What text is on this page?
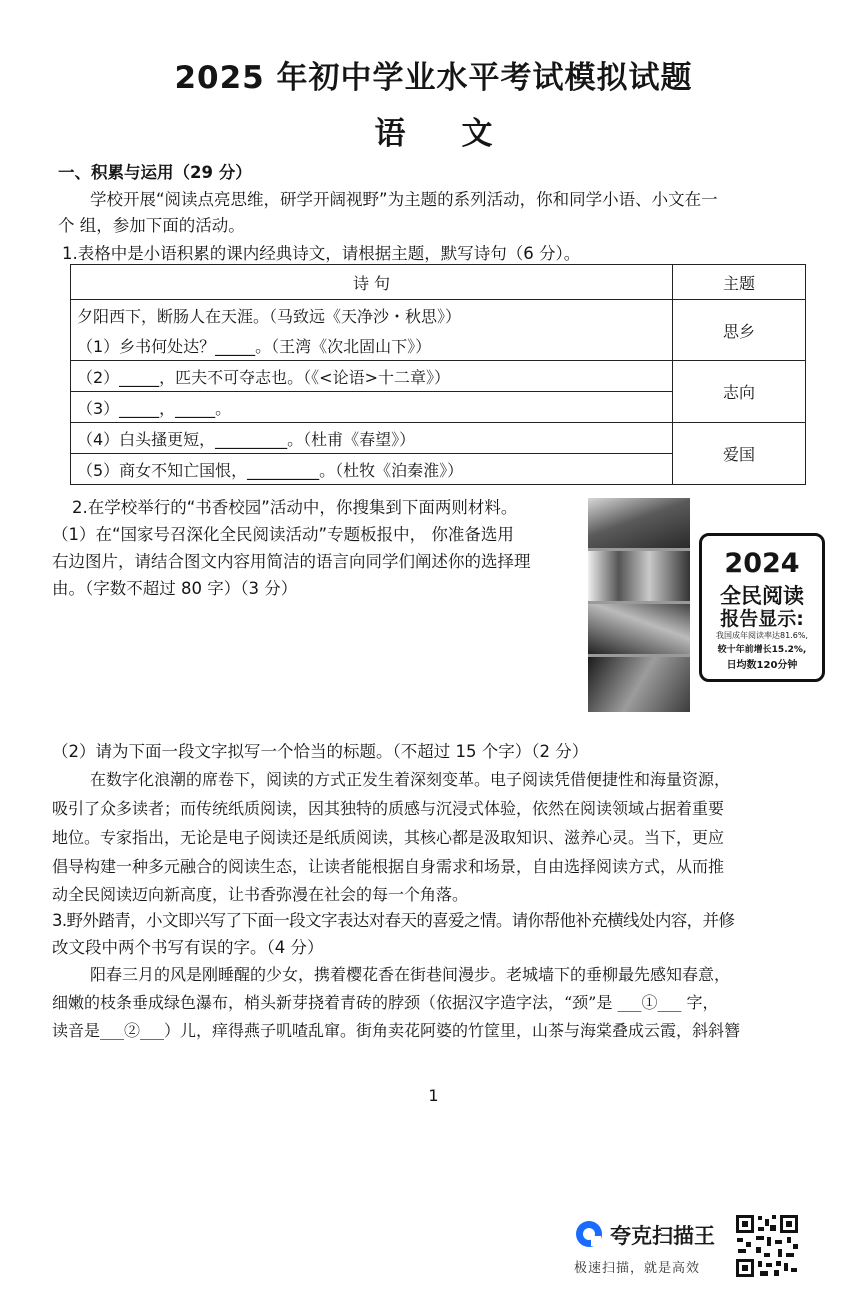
2025 年初中学业水平考试模拟试题
语 文
一、积累与运用（29 分）
学校开展“阅读点亮思维，研学开阔视野”为主题的系列活动，你和同学小语、小文在一
个 组，参加下面的活动。
1.表格中是小语积累的课内经典诗文，请根据主题，默写诗句（6 分）。
诗 句	主题
夕阳西下，断肠人在天涯。（马致远《天净沙・秋思》）	思乡
（1）乡书何处达？_____。（王湾《次北固山下》）	
（2）_____，匹夫不可夺志也。（《<论语>十二章》）	志向
（3）_____，_____。	
（4）白头搔更短，_________。（杜甫《春望》）	爱国
（5）商女不知亡国恨，_________。（杜牧《泊秦淮》）	
2.在学校举行的“书香校园”活动中，你搜集到下面两则材料。
（1）在“国家号召深化全民阅读活动”专题板报中， 你准备选用
右边图片，请结合图文内容用简洁的语言向同学们阐述你的选择理
由。（字数不超过 80 字）（3 分）
2024
全民阅读
报告显示:
我国成年阅读率达81.6%,
较十年前增长15.2%,
日均数120分钟
（2）请为下面一段文字拟写一个恰当的标题。（不超过 15 个字）（2 分）
在数字化浪潮的席卷下，阅读的方式正发生着深刻变革。电子阅读凭借便捷性和海量资源，
吸引了众多读者；而传统纸质阅读，因其独特的质感与沉浸式体验，依然在阅读领域占据着重要
地位。专家指出，无论是电子阅读还是纸质阅读，其核心都是汲取知识、滋养心灵。当下，更应
倡导构建一种多元融合的阅读生态，让读者能根据自身需求和场景，自由选择阅读方式，从而推
动全民阅读迈向新高度，让书香弥漫在社会的每一个角落。
3.野外踏青，小文即兴写了下面一段文字表达对春天的喜爱之情。请你帮他补充横线处内容，并修
改文段中两个书写有误的字。（4 分）
阳春三月的风是刚睡醒的少女，携着樱花香在街巷间漫步。老城墙下的垂柳最先感知春意，
细嫩的枝条垂成绿色瀑布，梢头新芽挠着青砖的脖颈（依据汉字造字法，“颈”是 ___①___ 字，
读音是___②___）儿，痒得燕子叽喳乱窜。街角卖花阿婆的竹筐里，山茶与海棠叠成云霞，斜斜簪
1
夸克扫描王
极速扫描，就是高效
